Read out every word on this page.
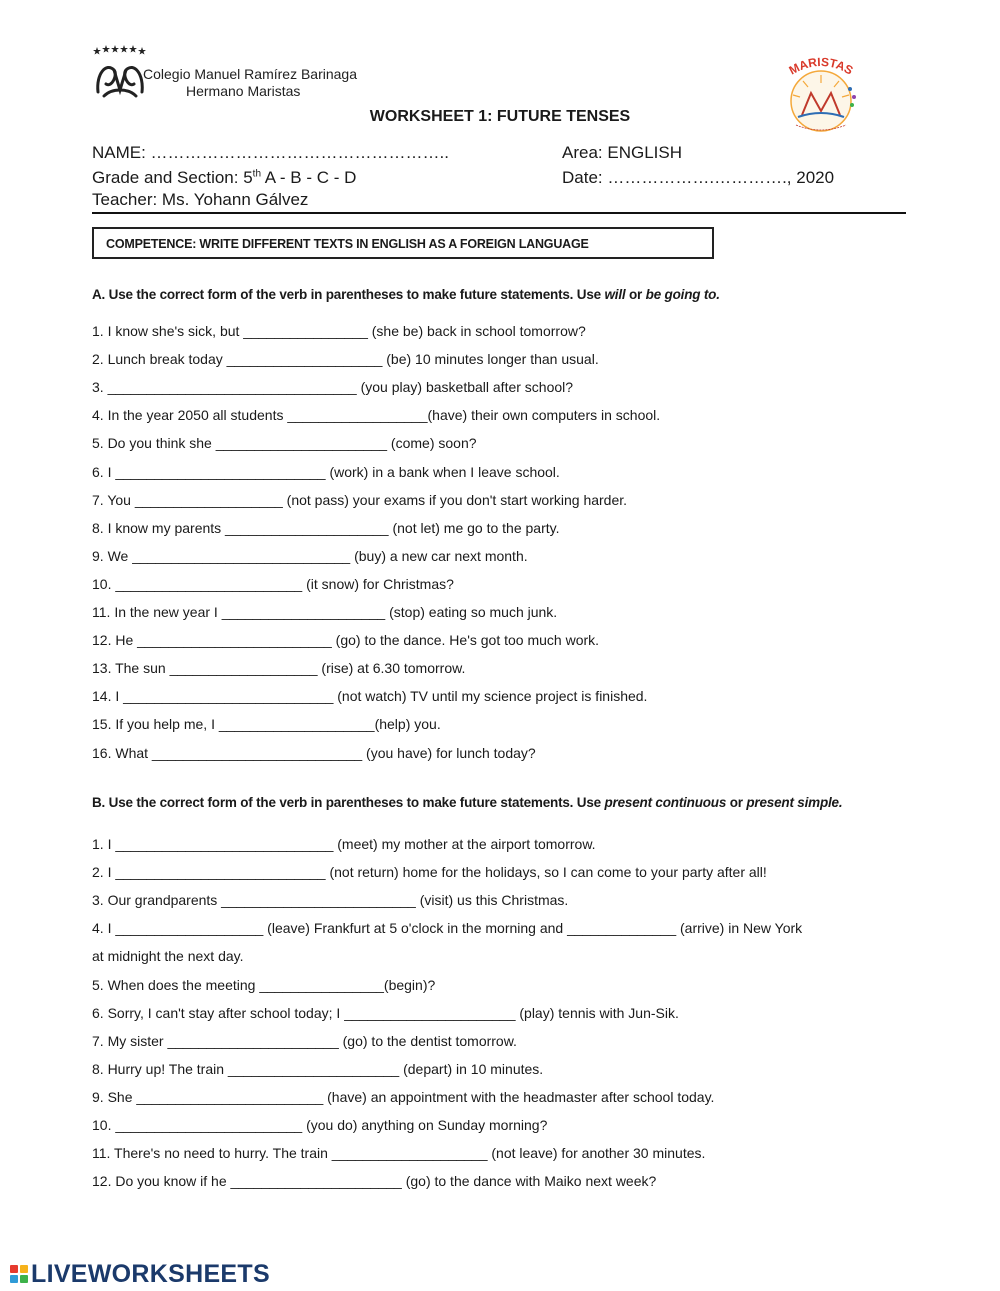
Colegio Manuel Ramírez Barinaga
Hermano Maristas
MARISTAS
WORKSHEET 1: FUTURE TENSES
NAME: ……………………………………………..	Area: ENGLISH
Grade and Section: 5th A - B - C - D	Date: ……………….…………., 2020
Teacher: Ms. Yohann Gálvez
COMPETENCE: WRITE DIFFERENT TEXTS IN ENGLISH AS A FOREIGN LANGUAGE
A. Use the correct form of the verb in parentheses to make future statements. Use will or be going to.
1. I know she's sick, but ________________ (she be) back in school tomorrow?
2. Lunch break today ____________________ (be) 10 minutes longer than usual.
3. ________________________________ (you play) basketball after school?
4. In the year 2050 all students __________________(have) their own computers in school.
5. Do you think she ______________________ (come) soon?
6. I ___________________________ (work) in a bank when I leave school.
7. You ___________________ (not pass) your exams if you don't start working harder.
8. I know my parents _____________________ (not let) me go to the party.
9. We ____________________________ (buy) a new car next month.
10. ________________________ (it snow) for Christmas?
11. In the new year I _____________________ (stop) eating so much junk.
12. He _________________________ (go) to the dance. He's got too much work.
13. The sun ___________________ (rise) at 6.30 tomorrow.
14. I ___________________________ (not watch) TV until my science project is finished.
15. If you help me, I ____________________(help) you.
16. What ___________________________ (you have) for lunch today?
B. Use the correct form of the verb in parentheses to make future statements. Use present continuous or present simple.
1. I ____________________________ (meet) my mother at the airport tomorrow.
2. I ___________________________ (not return) home for the holidays, so I can come to your party after all!
3. Our grandparents _________________________ (visit) us this Christmas.
4. I ___________________ (leave) Frankfurt at 5 o'clock in the morning and ______________ (arrive) in New York
at midnight the next day.
5. When does the meeting ________________(begin)?
6. Sorry, I can't stay after school today; I ______________________ (play) tennis with Jun-Sik.
7. My sister ______________________ (go) to the dentist tomorrow.
8. Hurry up! The train ______________________ (depart) in 10 minutes.
9. She ________________________ (have) an appointment with the headmaster after school today.
10. ________________________ (you do) anything on Sunday morning?
11. There's no need to hurry. The train ____________________ (not leave) for another 30 minutes.
12. Do you know if he ______________________ (go) to the dance with Maiko next week?
LIVEWORKSHEETS
